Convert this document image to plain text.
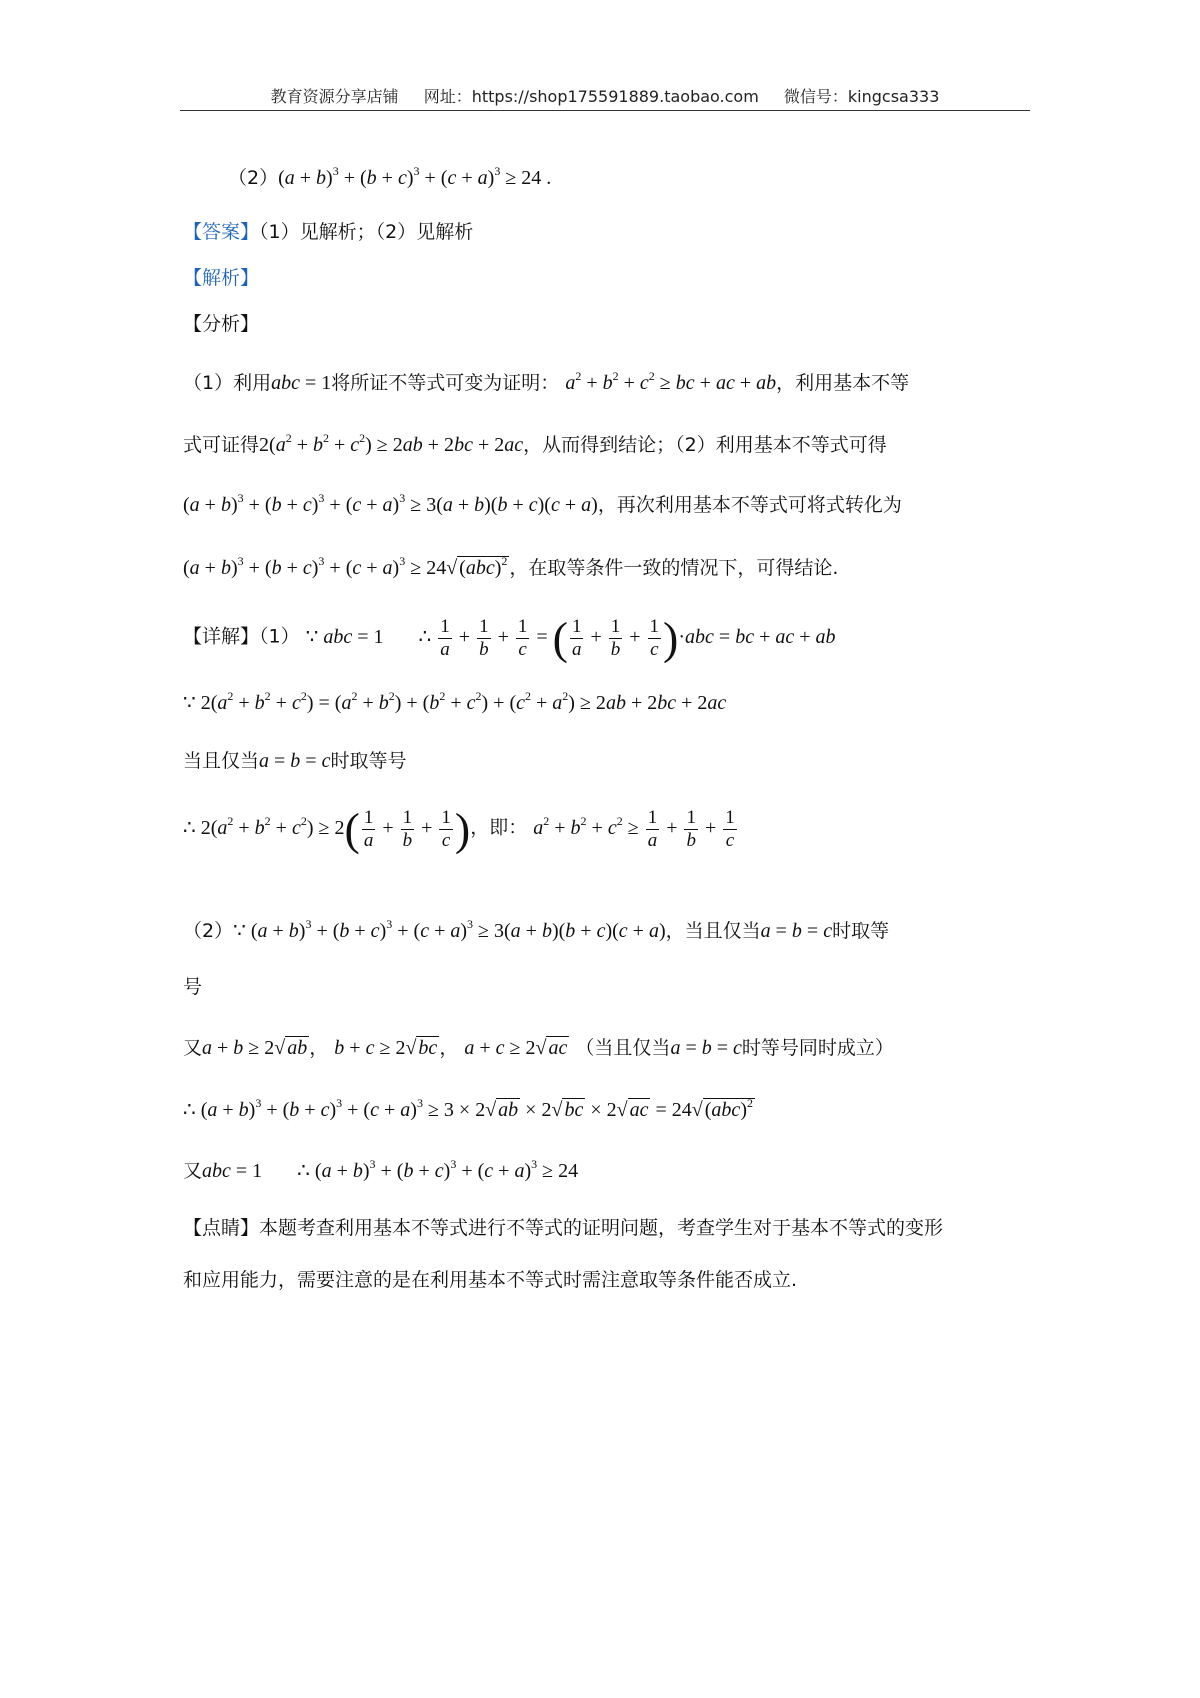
教育资源分享店铺 网址：https://shop175591889.taobao.com 微信号：kingcsa333
$(2)(a + b)^3 + (b + c)^3 + (c + a)^3 \ge 24$ .
【答案】（1）见解析；（2）见解析
【解析】
【分析】
（1）利用abc = 1将所证不等式可变为证明： $a^2 + b^2 + c^2$ ≥ bc + ac + ab，利用基本不等
式可证得$2(a^2 + b^2 + c^2) \ge 2ab + 2bc + 2ac$，从而得到结论；（2）利用基本不等式可得
$(a + b)^3 + (b + c)^3 + (c + a)^3 \ge 3(a + b)(b + c)(c + a)$，再次利用基本不等式可将式转化为
$(a + b)^3 + (b + c)^3 + (c + a)^3 \ge 24√$ (abc)$^2$ ，在取等条件一致的情况下，可得结论.
【详解】（1） ∵ abc = 1       ∴ $\frac{1}{a} + \frac{1}{b} + \frac{1}{c}$ = ( $\frac{1}{a} + \frac{1}{b} + \frac{1}{c} )\cdot abc$ = bc + ac + ab
∵ $2(a^2 + b^2 + c^2) = (a^2 + b^2) + (b^2 + c^2) + (c^2 + a^2) \ge 2ab + 2bc + 2ac$
当且仅当a = b = c时取等号
∴ $2(a^2 + b^2 + c^2) \ge 2( \frac{1}{a} + \frac{1}{b} + \frac{1}{c}$ )，即： $a^2 + b^2 + c^2 \ge \frac{1}{a} + \frac{1}{b} + \frac{1}{c}$
（2）∵ $(a + b)^3 + (b + c)^3 + (c + a)^3 \ge 3(a + b)(b + c)(c + a)$，当且仅当a = b = c时取等
号
又a + b ≥ 2√ ab ， b + c ≥ 2√ bc ， a + c ≥ 2√ ac （当且仅当a = b = c时等号同时成立）
∴ $(a + b)^3 + (b + c)^3 + (c + a)^3 \ge 3 \times 2√$ ab × 2√ bc × 2√ ac = 24√ (abc)$^2$
又abc = 1       ∴ $(a + b)^3 + (b + c)^3 + (c + a)^3 \ge 24$
【点睛】本题考查利用基本不等式进行不等式的证明问题，考查学生对于基本不等式的变形
和应用能力，需要注意的是在利用基本不等式时需注意取等条件能否成立.
